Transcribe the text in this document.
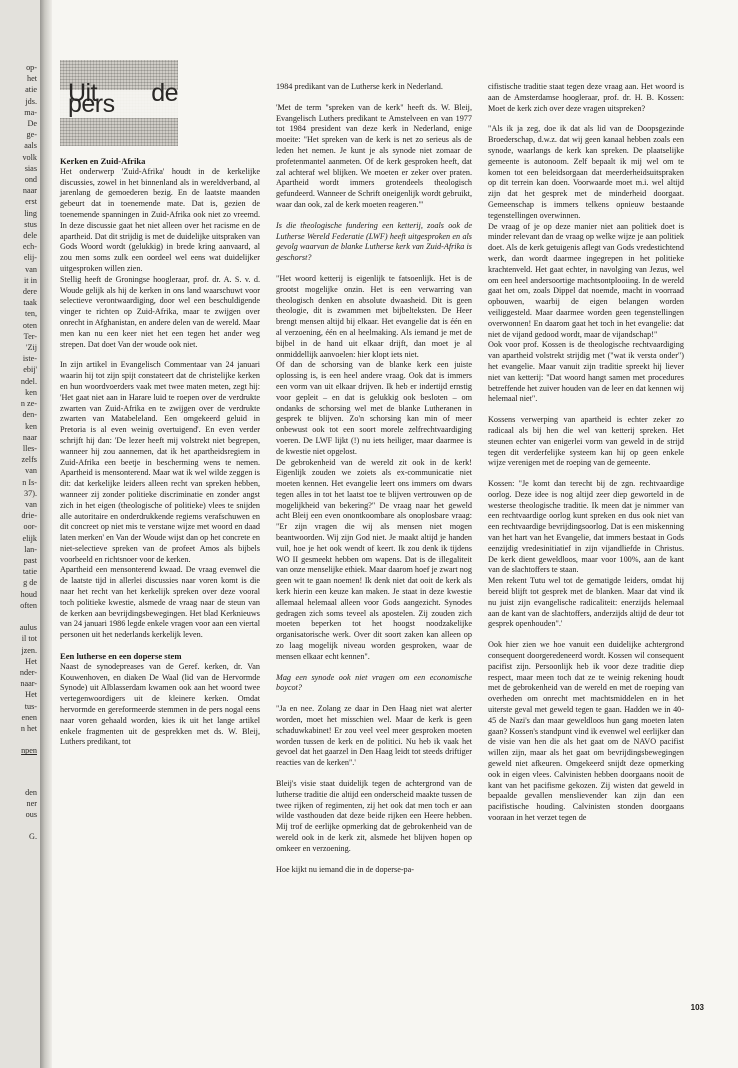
op-
het
atie
jds.
ma-
De
ge-
aals
volk
sias
ond
naar
erst
ling
stus
dele
ech-
elij-
van
it in
dere
taak
ten,
oten
Ter-
'Zij
iste-
ebij'
ndel.
ken
n ze-
den-
ken
naar
lles-
zelfs
van
n Is-
37).
van
drie-
oor-
elijk
lan-
past
tatie
g de
houd
often

aulus
il tot
jzen.
Het
nder-
naar-
Het
tus-
enen
n het

npen
den
ner
ous

G.
Uit de pers
Kerken en Zuid-Afrika

Het onderwerp 'Zuid-Afrika' houdt in de kerkelijke discussies, zowel in het binnenland als in wereldverband, al jarenlang de gemoederen bezig. En de laatste maanden gebeurt dat in toenemende mate. Dat is, gezien de toenemende spanningen in Zuid-Afrika ook niet zo vreemd. In deze discussie gaat het niet alleen over het racisme en de apartheid. Dat dit strijdig is met de duidelijke uitspraken van Gods Woord wordt (gelukkig) in brede kring aanvaard, al zou men soms zulk een oordeel wel eens wat duidelijker uitgesproken willen zien.

Stellig heeft de Groningse hoogleraar, prof. dr. A. S. v. d. Woude gelijk als hij de kerken in ons land waarschuwt voor selectieve verontwaardiging, door wel een beschuldigende vinger te richten op Zuid-Afrika, maar te zwijgen over onrecht in Afghanistan, en andere delen van de wereld. Maar men kan nu een keer niet het een tegen het ander weg strepen. Dat doet Van der woude ook niet.

In zijn artikel in Evangelisch Commentaar van 24 januari waarin hij tot zijn spijt constateert dat de christelijke kerken en hun woordvoerders vaak met twee maten meten, zegt hij: 'Het gaat niet aan in Harare luid te roepen over de verdrukte zwarten van Zuid-Afrika en te zwijgen over de verdrukte zwarten van Matabeleland. Een omgekeerd geluid in Pretoria is al even weinig overtuigend'. En even verder schrijft hij dan: 'De lezer heeft mij volstrekt niet begrepen, wanneer hij zou aannemen, dat ik het apartheidsregiem in Zuid-Afrika een beetje in bescherming wens te nemen. Apartheid is mensonterend. Maar wat ik wel wilde zeggen is dit: dat kerkelijke leiders alleen recht van spreken hebben, wanneer zij zonder politieke discriminatie en zonder angst zich in het eigen (theologische of politieke) vlees te snijden alle autoritaire en onderdrukkende regiems verafschuwen en dit concreet op niet mis te verstane wijze met woord en daad laten merken' en Van der Woude wijst dan op het concrete en niet-selectieve spreken van de profeet Amos als bijbels voorbeeld en richtsnoer voor de kerken.

Apartheid een mensonterend kwaad. De vraag evenwel die de laatste tijd in allerlei discussies naar voren komt is die naar het recht van het kerkelijk spreken over deze vooral toch politieke kwestie, alsmede de vraag naar de steun van de kerken aan bevrijdingsbewegingen. Het blad Kerknieuws van 24 januari 1986 legde enkele vragen voor aan een viertal personen uit het nederlands kerkelijk leven.

Een lutherse en een doperse stem

Naast de synodepreases van de Geref. kerken, dr. Van Kouwenhoven, en diaken De Waal (lid van de Hervormde Synode) uit Alblasserdam kwamen ook aan het woord twee vertegenwoordigers uit de kleinere kerken. Omdat hervormde en gereformeerde stemmen in de pers nogal eens naar voren gehaald worden, kies ik uit het lange artikel enkele fragmenten uit de gesprekken met ds. W. Bleij, Luthers predikant, tot

1984 predikant van de Lutherse kerk in Nederland.

'Met de term "spreken van de kerk" heeft ds. W. Bleij, Evangelisch Luthers predikant te Amstelveen en van 1977 tot 1984 president van deze kerk in Nederland, enige moeite: "Het spreken van de kerk is net zo serieus als de leden het nemen. Je kunt je als synode niet zomaar de profetenmantel aanmeten. Of de kerk gesproken heeft, dat zal achteraf wel blijken. We moeten er zeker over praten. Apartheid wordt immers grotendeels theologisch gefundeerd. Wanneer de Schrift oneigenlijk wordt gebruikt, waar dan ook, zal de kerk moeten reageren."'

Is die theologische fundering een ketterij, zoals ook de Lutherse Wereld Federatie (LWF) heeft uitgesproken en als gevolg waarvan de blanke Lutherse kerk van Zuid-Afrika is geschorst?

"Het woord ketterij is eigenlijk te fatsoenlijk. Het is de grootst mogelijke onzin. Het is een verwarring van theologisch denken en absolute dwaasheid. Dit is geen theologie, dit is zwammen met bijbelteksten. De Heer brengt mensen altijd bij elkaar. Het evangelie dat is één en al verzoening, één en al heelmaking. Als iemand je met de bijbel in de hand uit elkaar drijft, dan moet je al onmiddellijk aanvoelen: hier klopt iets niet.

Of dan de schorsing van de blanke kerk een juiste oplossing is, is een heel andere vraag. Ook dat is immers een vorm van uit elkaar drijven. Ik heb er indertijd ernstig voor gepleit – en dat is gelukkig ook besloten – om ondanks de schorsing wel met de blanke Lutheranen in gesprek te blijven. Zo'n schorsing kan min of meer onbewust ook tot een soort morele zelfrechtvaardiging voeren. De LWF lijkt (!) nu iets heiliger, maar daarmee is de kwestie niet opgelost.

De gebrokenheid van de wereld zit ook in de kerk! Eigenlijk zouden we zoiets als ex-communicatie niet moeten kennen. Het evangelie leert ons immers om dwars tegen alles in tot het laatst toe te blijven vertrouwen op de mogelijkheid van bekering?" De vraag naar het geweld acht Bleij een even onontkoombare als onoplosbare vraag: "Er zijn vragen die wij als mensen niet mogen beantwoorden. Wij zijn God niet. Je maakt altijd je handen vuil, hoe je het ook wendt of keert. Ik zou denk ik tijdens WO II gesmeekt hebben om wapens. Dat is de illegaliteit van onze menselijke ethiek. Maar daarom hoef je zwart nog geen wit te gaan noemen! Ik denk niet dat ooit de kerk als kerk hierin een keuze kan maken. Je staat in deze kwestie allemaal helemaal alleen voor Gods aangezicht. Synodes gedragen zich soms teveel als apostelen. Zij zouden zich moeten beperken tot het hoogst noodzakelijke organisatorische werk. Over dit soort zaken kan alleen op zo laag mogelijk niveau worden gesproken, waar de mensen elkaar echt kennen".

Mag een synode ook niet vragen om een economische boycot?

"Ja en nee. Zolang ze daar in Den Haag niet wat alerter worden, moet het misschien wel. Maar de kerk is geen schaduwkabinet! Er zou veel veel meer gesproken moeten worden tussen de kerk en de politici. Nu heb ik vaak het gevoel dat het gaarzel in Den Haag leidt tot steeds driftiger reacties van de kerken".'

Bleij's visie staat duidelijk tegen de achtergrond van de lutherse traditie die altijd een onderscheid maakte tussen de twee rijken of regimenten, zij het ook dat men toch er aan wilde vasthouden dat deze beide rijken een Heere hebben. Mij trof de eerlijke opmerking dat de gebrokenheid van de wereld ook in de kerk zit, alsmede het blijven hopen op omkeer en verzoening.

Hoe kijkt nu iemand die in de doperse-pa-

cifistische traditie staat tegen deze vraag aan. Het woord is aan de Amsterdamse hoogleraar, prof. dr. H. B. Kossen: Moet de kerk zich over deze vragen uitspreken?

"Als ik ja zeg, doe ik dat als lid van de Doopsgezinde Broederschap, d.w.z. dat wij geen kanaal hebben zoals een synode, waarlangs de kerk kan spreken. De plaatselijke gemeente is autonoom. Zelf bepaalt ik mij wel om te komen tot een beleidsorgaan dat meerderheidsuitspraken op dit terrein kan doen. Voorwaarde moet m.i. wel altijd zijn dat het gesprek met de minderheid doorgaat. Gemeenschap is immers telkens opnieuw bestaande tegenstellingen overwinnen.

De vraag of je op deze manier niet aan politiek doet is minder relevant dan de vraag op welke wijze je aan politiek doet. Als de kerk getuigenis aflegt van Gods vredestichtend werk, dan wordt daarmee ingegrepen in het politieke krachtenveld. Het gaat echter, in navolging van Jezus, wel om een heel andersoortige machtsontplooiing. In de wereld gaat het om, zoals Dippel dat noemde, macht in voorraad opbouwen, waarbij de eigen belangen worden veiliggesteld. Maar daarmee worden geen tegenstellingen overwonnen! En daarom gaat het toch in het evangelie: dat niet de vijand gedood wordt, maar de vijandschap!"

Ook voor prof. Kossen is de theologische rechtvaardiging van apartheid volstrekt strijdig met ("wat ik versta onder") het evangelie. Maar vanuit zijn traditie spreekt hij liever niet van ketterij: "Dat woord hangt samen met procedures betreffende het zuiver houden van de leer en dat kennen wij helemaal niet".

Kossens verwerping van apartheid is echter zeker zo radicaal als bij hen die wel van ketterij spreken. Het steunen echter van enigerlei vorm van geweld in de strijd tegen dit verderfelijke systeem kan hij op geen enkele wijze verenigen met de roeping van de gemeente.

Kossen: "Je komt dan terecht bij de zgn. rechtvaardige oorlog. Deze idee is nog altijd zeer diep geworteld in de westerse theologische traditie. Ik meen dat je nimmer van een rechtvaardige oorlog kunt spreken en dus ook niet van een rechtvaardige bevrijdingsoorlog. Dat is een miskenning van het hart van het Evangelie, dat immers bestaat in Gods eenzijdig vredesinitiatief in zijn vijandliefde in Christus. De kerk dient geweldloos, maar voor 100%, aan de kant van de slachtoffers te staan.

Men rekent Tutu wel tot de gematigde leiders, omdat hij bereid blijft tot gesprek met de blanken. Maar dat vind ik nu juist zijn evangelische radicaliteit: enerzijds helemaal aan de kant van de slachtoffers, anderzijds altijd de deur tot gesprek openhouden".'

Ook hier zien we hoe vanuit een duidelijke achtergrond consequent doorgeredeneerd wordt. Kossen wil consequent pacifist zijn. Persoonlijk heb ik voor deze traditie diep respect, maar meen toch dat ze te weinig rekening houdt met de gebrokenheid van de wereld en met de roeping van overheden om onrecht met machtsmiddelen en in het uiterste geval met geweld tegen te gaan. Hadden we in 40-45 de Nazi's dan maar geweldloos hun gang moeten laten gaan? Kossen's standpunt vind ik evenwel wel eerlijker dan de visie van hen die als het gaat om de NAVO pacifist willen zijn, maar als het gaat om bevrijdingsbewegingen geweld niet afkeuren. Omgekeerd snijdt deze opmerking ook in eigen vlees. Calvinisten hebben doorgaans nooit de kant van het pacifisme gekozen. Zij wisten dat geweld in bepaalde gevallen menslievender kan zijn dan een pacifistische houding. Calvinisten stonden doorgaans vooraan in het verzet tegen de

103
